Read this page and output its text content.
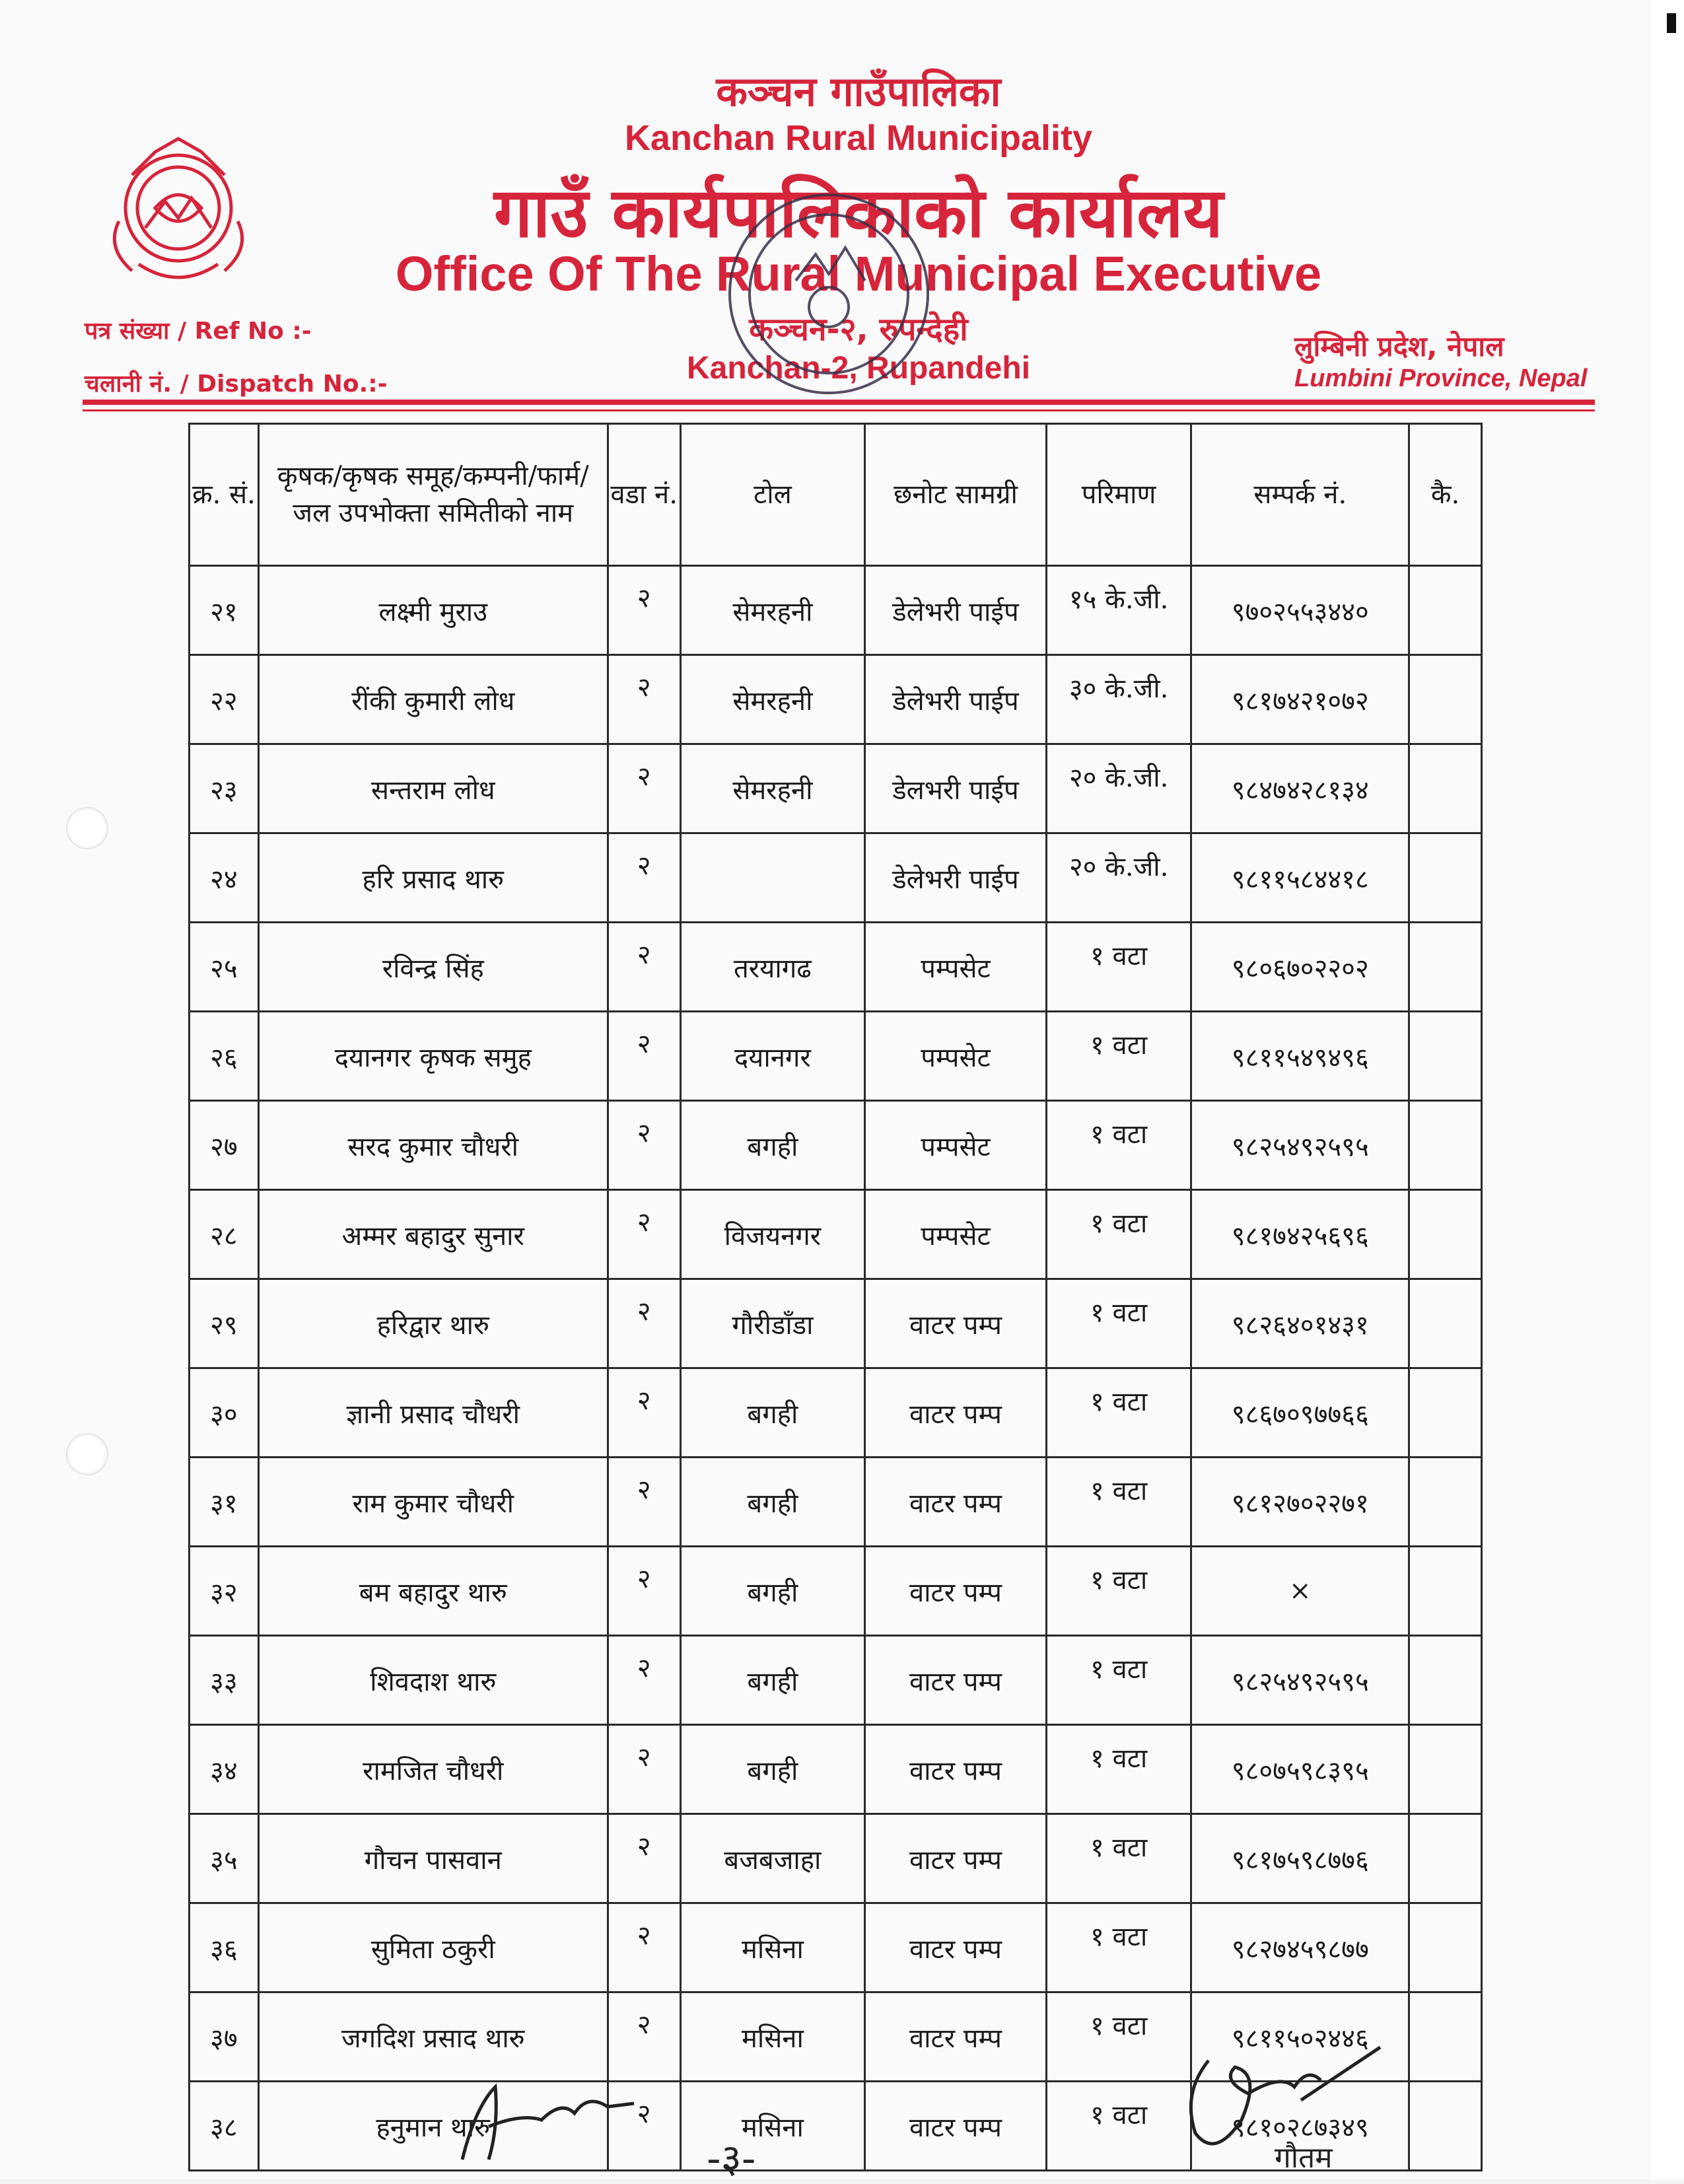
कञ्चन गाउँपालिका
Kanchan Rural Municipality
गाउँ कार्यपालिकाको कार्यालय
Office Of The Rural Municipal Executive
कञ्चन-२, रुपन्देही
Kanchan-2, Rupandehi
पत्र संख्या / Ref No :-
चलानी नं. / Dispatch No.:-
लुम्बिनी प्रदेश, नेपाल
Lumbini Province, Nepal
क्र. सं.	कृषक/कृषक समूह/कम्पनी/फार्म/जल उपभोक्ता समितीको नाम	वडा नं.	टोल	छनोट सामग्री	परिमाण	सम्पर्क नं.	कै.
२१	लक्ष्मी मुराउ	२	सेमरहनी	डेलेभरी पाईप	१५ के.जी.	९७०२५५३४४०	
२२	रींकी कुमारी लोध	२	सेमरहनी	डेलेभरी पाईप	३० के.जी.	९८१७४२१०७२	
२३	सन्तराम लोध	२	सेमरहनी	डेलभरी पाईप	२० के.जी.	९८४७४२८१३४	
२४	हरि प्रसाद थारु	२		डेलेभरी पाईप	२० के.जी.	९८११५८४४१८	
२५	रविन्द्र सिंह	२	तरयागढ	पम्पसेट	१ वटा	९८०६७०२२०२	
२६	दयानगर कृषक समुह	२	दयानगर	पम्पसेट	१ वटा	९८११५४९४९६	
२७	सरद कुमार चौधरी	२	बगही	पम्पसेट	१ वटा	९८२५४९२५९५	
२८	अम्मर बहादुर सुनार	२	विजयनगर	पम्पसेट	१ वटा	९८१७४२५६९६	
२९	हरिद्वार थारु	२	गौरीडाँडा	वाटर पम्प	१ वटा	९८२६४०१४३१	
३०	ज्ञानी प्रसाद चौधरी	२	बगही	वाटर पम्प	१ वटा	९८६७०९७७६६	
३१	राम कुमार चौधरी	२	बगही	वाटर पम्प	१ वटा	९८१२७०२२७१	
३२	बम बहादुर थारु	२	बगही	वाटर पम्प	१ वटा	×	
३३	शिवदाश थारु	२	बगही	वाटर पम्प	१ वटा	९८२५४९२५९५	
३४	रामजित चौधरी	२	बगही	वाटर पम्प	१ वटा	९८०७५९८३९५	
३५	गौचन पासवान	२	बजबजाहा	वाटर पम्प	१ वटा	९८१७५९८७७६	
३६	सुमिता ठकुरी	२	मसिना	वाटर पम्प	१ वटा	९८२७४५९८७७	
३७	जगदिश प्रसाद थारु	२	मसिना	वाटर पम्प	१ वटा	९८११५०२४४६	
३८	हनुमान थारु	२	मसिना	वाटर पम्प	१ वटा	९८१०२८७३४९	
-३-	गौतम
